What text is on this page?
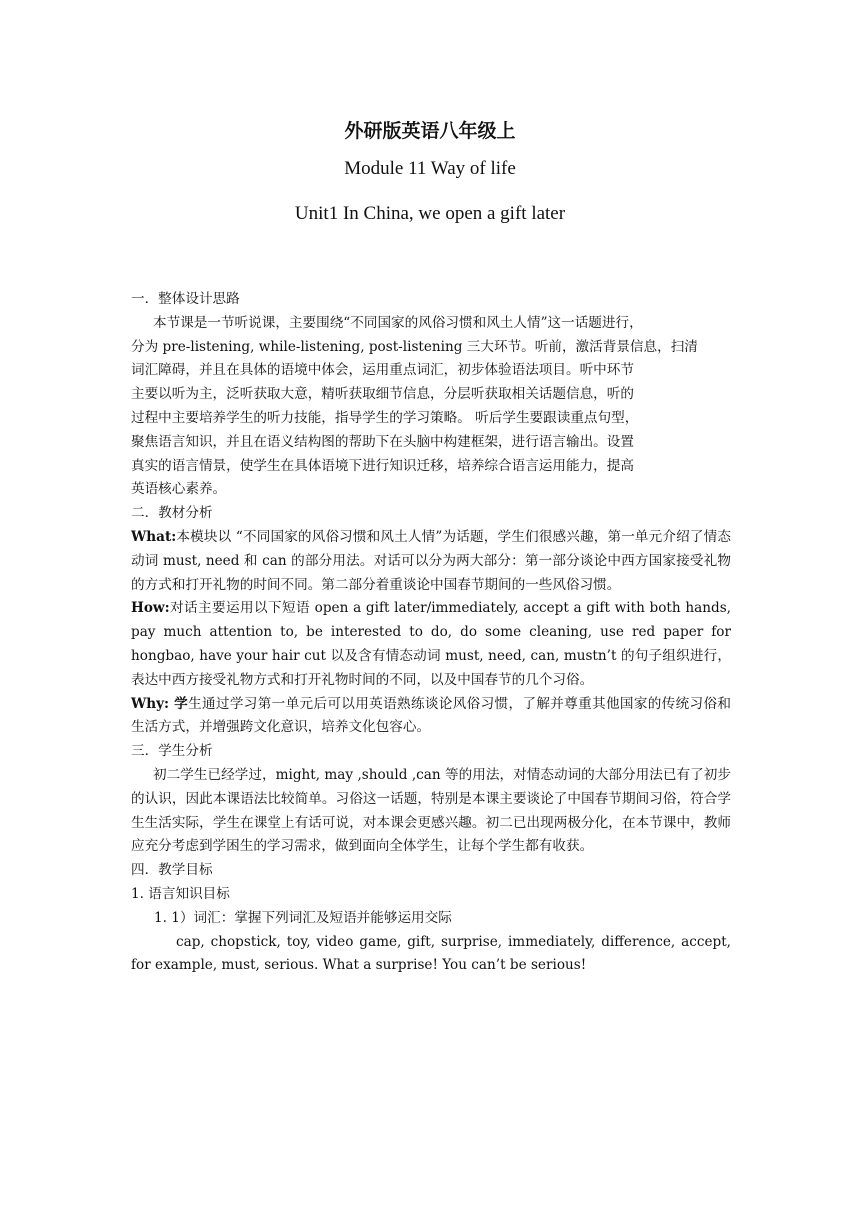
外研版英语八年级上
Module 11 Way of life
Unit1 In China, we open a gift later

一．整体设计思路

本节课是一节听说课，主要围绕“不同国家的风俗习惯和风土人情”这一话题进行，

分为 pre-listening, while-listening, post-listening 三大环节。听前，激活背景信息，扫清

词汇障碍，并且在具体的语境中体会，运用重点词汇，初步体验语法项目。听中环节

主要以听为主，泛听获取大意，精听获取细节信息，分层听获取相关话题信息，听的

过程中主要培养学生的听力技能，指导学生的学习策略。 听后学生要跟读重点句型，

聚焦语言知识，并且在语义结构图的帮助下在头脑中构建框架，进行语言输出。设置

真实的语言情景，使学生在具体语境下进行知识迁移，培养综合语言运用能力，提高

英语核心素养。

二．教材分析

What:本模块以 “不同国家的风俗习惯和风土人情”为话题，学生们很感兴趣，第一单元介绍了情态动词 must, need 和 can 的部分用法。对话可以分为两大部分：第一部分谈论中西方国家接受礼物的方式和打开礼物的时间不同。第二部分着重谈论中国春节期间的一些风俗习惯。

How:对话主要运用以下短语 open a gift later/immediately, accept a gift with both hands, pay much attention to, be interested to do, do some cleaning, use red paper for hongbao, have your hair cut 以及含有情态动词 must, need, can, mustn’t 的句子组织进行，表达中西方接受礼物方式和打开礼物时间的不同，以及中国春节的几个习俗。

Why: 学生通过学习第一单元后可以用英语熟练谈论风俗习惯，了解并尊重其他国家的传统习俗和生活方式，并增强跨文化意识，培养文化包容心。

三．学生分析

初二学生已经学过，might, may ,should ,can 等的用法，对情态动词的大部分用法已有了初步的认识，因此本课语法比较简单。习俗这一话题，特别是本课主要谈论了中国春节期间习俗，符合学生生活实际，学生在课堂上有话可说，对本课会更感兴趣。初二已出现两极分化，在本节课中，教师应充分考虑到学困生的学习需求，做到面向全体学生，让每个学生都有收获。

四．教学目标

1. 语言知识目标

1. 1）词汇：掌握下列词汇及短语并能够运用交际

cap, chopstick, toy, video game, gift, surprise, immediately, difference, accept, for example, must, serious. What a surprise! You can’t be serious!
